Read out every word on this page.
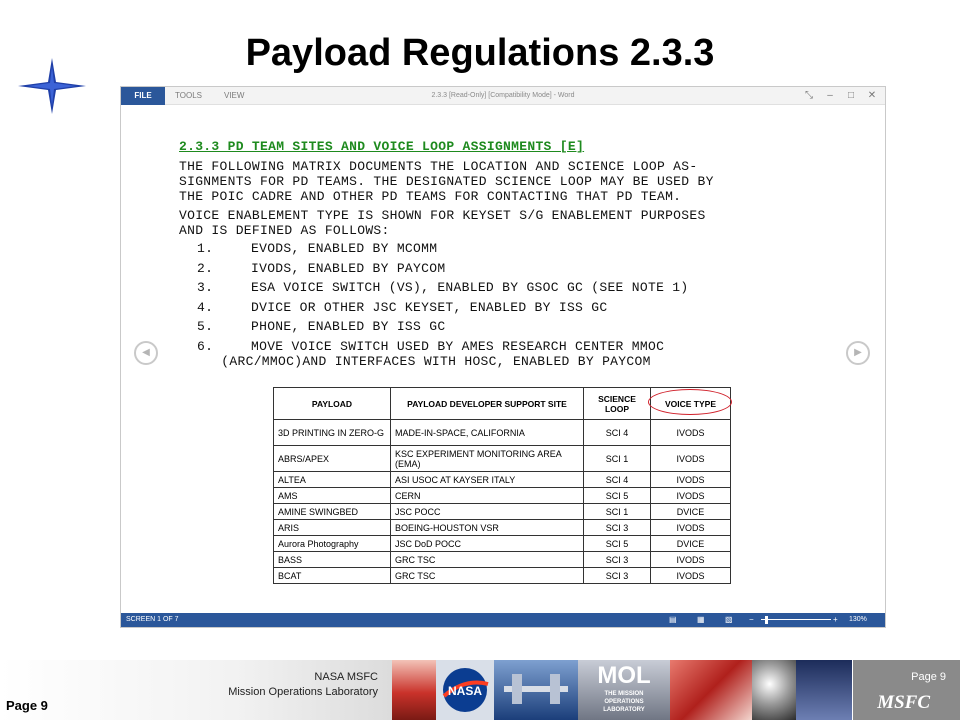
Payload Regulations 2.3.3
2.3.3 [Read-Only] [Compatibility Mode] - Word
FILE	TOOLS	VIEW	⤡	–	□ ✕
◀	▶
2.3.3 PD TEAM SITES AND VOICE LOOP ASSIGNMENTS [E]
THE FOLLOWING MATRIX DOCUMENTS THE LOCATION AND SCIENCE LOOP AS-
SIGNMENTS FOR PD TEAMS. THE DESIGNATED SCIENCE LOOP MAY BE USED BY
THE POIC CADRE AND OTHER PD TEAMS FOR CONTACTING THAT PD TEAM.
VOICE ENABLEMENT TYPE IS SHOWN FOR KEYSET S/G ENABLEMENT PURPOSES
AND IS DEFINED AS FOLLOWS:
1.	EVODS, ENABLED BY MCOMM
2.	IVODS, ENABLED BY PAYCOM
3.	ESA VOICE SWITCH (VS), ENABLED BY GSOC GC (SEE NOTE 1)
4.	DVICE OR OTHER JSC KEYSET, ENABLED BY ISS GC
5.	PHONE, ENABLED BY ISS GC
6.	MOVE VOICE SWITCH USED BY AMES RESEARCH CENTER MMOC
(ARC/MMOC)AND INTERFACES WITH HOSC, ENABLED BY PAYCOM
PAYLOAD	PAYLOAD DEVELOPER SUPPORT SITE	SCIENCE LOOP	VOICE TYPE
3D PRINTING IN ZERO-G	MADE-IN-SPACE, CALIFORNIA	SCI 4	IVODS
ABRS/APEX	KSC EXPERIMENT MONITORING AREA (EMA)	SCI 1	IVODS
ALTEA	ASI USOC AT KAYSER ITALY	SCI 4	IVODS
AMS	CERN	SCI 5	IVODS
AMINE SWINGBED	JSC POCC	SCI 1	DVICE
ARIS	BOEING-HOUSTON VSR	SCI 3	IVODS
Aurora Photography	JSC DoD POCC	SCI 5	DVICE
BASS	GRC TSC	SCI 3	IVODS
BCAT	GRC TSC	SCI 3	IVODS
SCREEN 1 OF 7	▤	▦	▧ −	+ 130%
Page 9
NASA MSFC
Mission Operations Laboratory	NASA
MOL
THE MISSION
OPERATIONS
LABORATORY
Page 9
MSFC
